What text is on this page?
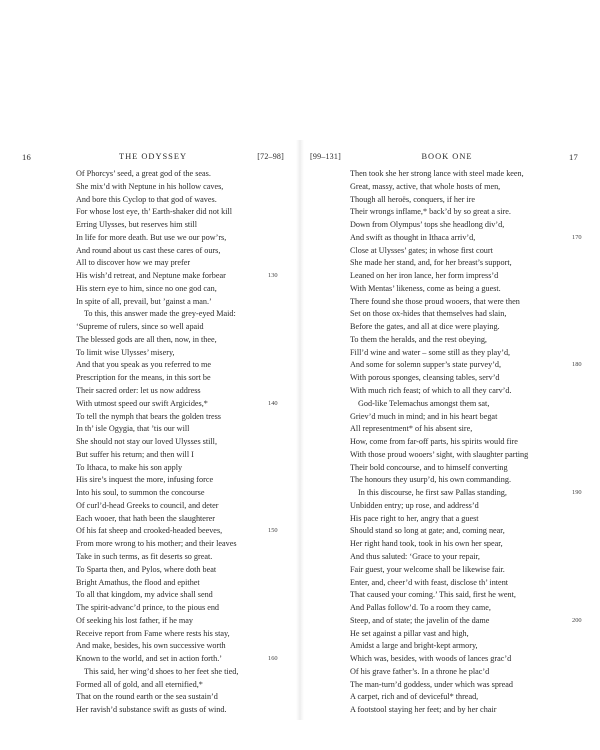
16	THE ODYSSEY	[72–98]
Of Phorcys’ seed, a great god of the seas.
She mix’d with Neptune in his hollow caves,
And bore this Cyclop to that god of waves.
For whose lost eye, th’ Earth-shaker did not kill
Erring Ulysses, but reserves him still
In life for more death. But use we our pow’rs,
And round about us cast these cares of ours,
All to discover how we may prefer
His wish’d retreat, and Neptune make forbear	130
His stern eye to him, since no one god can,
In spite of all, prevail, but ’gainst a man.’
To this, this answer made the grey-eyed Maid:
‘Supreme of rulers, since so well apaid
The blessed gods are all then, now, in thee,
To limit wise Ulysses’ misery,
And that you speak as you referred to me
Prescription for the means, in this sort be
Their sacred order: let us now address
With utmost speed our swift Argicides,*	140
To tell the nymph that bears the golden tress
In th’ isle Ogygia, that ’tis our will
She should not stay our loved Ulysses still,
But suffer his return; and then will I
To Ithaca, to make his son apply
His sire’s inquest the more, infusing force
Into his soul, to summon the concourse
Of curl’d-head Greeks to council, and deter
Each wooer, that hath been the slaughterer
Of his fat sheep and crooked-headed beeves,	150
From more wrong to his mother; and their leaves
Take in such terms, as fit deserts so great.
To Sparta then, and Pylos, where doth beat
Bright Amathus, the flood and epithet
To all that kingdom, my advice shall send
The spirit-advanc’d prince, to the pious end
Of seeking his lost father, if he may
Receive report from Fame where rests his stay,
And make, besides, his own successive worth
Known to the world, and set in action forth.’	160
This said, her wing’d shoes to her feet she tied,
Formed all of gold, and all eternified,*
That on the round earth or the sea sustain’d
Her ravish’d substance swift as gusts of wind.
[99–131]	BOOK ONE	17
Then took she her strong lance with steel made keen,
Great, massy, active, that whole hosts of men,
Though all heroës, conquers, if her ire
Their wrongs inflame,* back’d by so great a sire.
Down from Olympus’ tops she headlong div’d,
And swift as thought in Ithaca arriv’d,	170
Close at Ulysses’ gates; in whose first court
She made her stand, and, for her breast’s support,
Leaned on her iron lance, her form impress’d
With Mentas’ likeness, come as being a guest.
There found she those proud wooers, that were then
Set on those ox-hides that themselves had slain,
Before the gates, and all at dice were playing.
To them the heralds, and the rest obeying,
Fill’d wine and water – some still as they play’d,
And some for solemn supper’s state purvey’d,	180
With porous sponges, cleansing tables, serv’d
With much rich feast; of which to all they carv’d.
God-like Telemachus amongst them sat,
Griev’d much in mind; and in his heart begat
All representment* of his absent sire,
How, come from far-off parts, his spirits would fire
With those proud wooers’ sight, with slaughter parting
Their bold concourse, and to himself converting
The honours they usurp’d, his own commanding.
In this discourse, he first saw Pallas standing,	190
Unbidden entry; up rose, and address’d
His pace right to her, angry that a guest
Should stand so long at gate; and, coming near,
Her right hand took, took in his own her spear,
And thus saluted: ‘Grace to your repair,
Fair guest, your welcome shall be likewise fair.
Enter, and, cheer’d with feast, disclose th’ intent
That caused your coming.’ This said, first he went,
And Pallas follow’d. To a room they came,
Steep, and of state; the javelin of the dame	200
He set against a pillar vast and high,
Amidst a large and bright-kept armory,
Which was, besides, with woods of lances grac’d
Of his grave father’s. In a throne he plac’d
The man-turn’d goddess, under which was spread
A carpet, rich and of deviceful* thread,
A footstool staying her feet; and by her chair
